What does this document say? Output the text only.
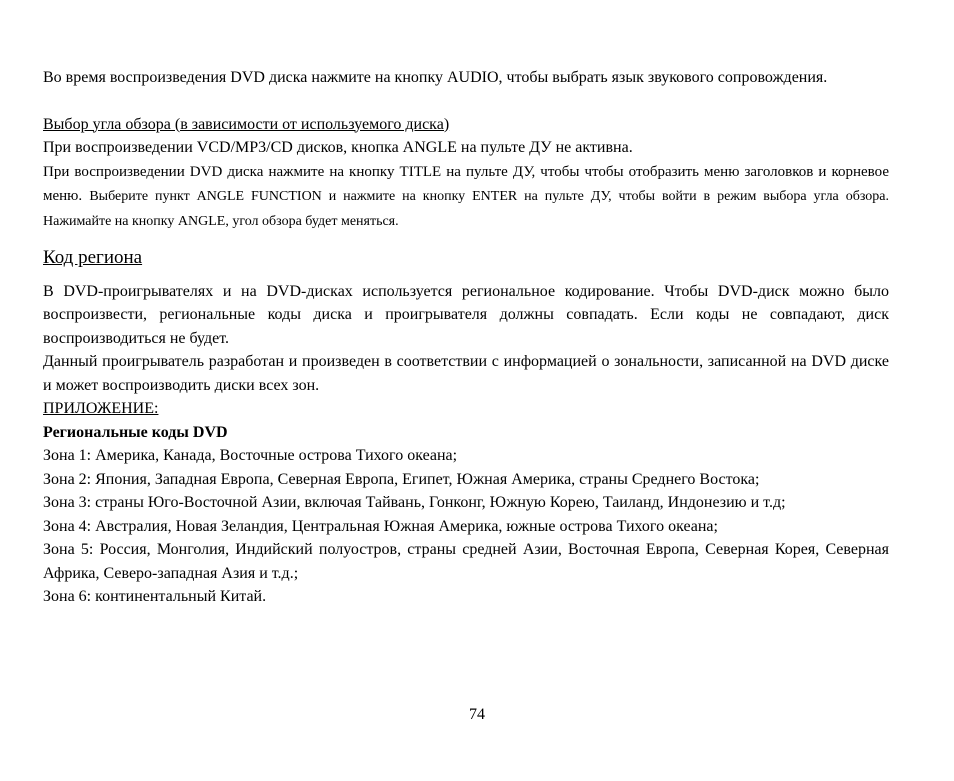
Во время воспроизведения DVD диска нажмите на кнопку AUDIO, чтобы выбрать язык звукового сопровождения.

Выбор угла обзора (в зависимости от используемого диска)

При воспроизведении VCD/MP3/CD дисков, кнопка ANGLE на пульте ДУ не активна.

При воспроизведении DVD диска нажмите на кнопку TITLE на пульте ДУ, чтобы чтобы отобразить меню заголовков и корневое меню. Выберите пункт ANGLE FUNCTION и нажмите на кнопку ENTER на пульте ДУ, чтобы войти в режим выбора угла обзора. Нажимайте на кнопку ANGLE, угол обзора будет меняться.

Код региона

В DVD-проигрывателях и на DVD-дисках используется региональное кодирование. Чтобы DVD-диск можно было воспроизвести, региональные коды диска и проигрывателя должны совпадать. Если коды не совпадают, диск воспроизводиться не будет.

Данный проигрыватель разработан и произведен в соответствии с информацией о зональности, записанной на DVD диске и может воспроизводить диски всех зон.

ПРИЛОЖЕНИЕ:

Региональные коды DVD

Зона 1: Америка, Канада, Восточные острова Тихого океана;

Зона 2: Япония, Западная Европа, Северная Европа, Египет, Южная Америка, страны Среднего Востока;

Зона 3: страны Юго-Восточной Азии, включая Тайвань, Гонконг, Южную Корею, Таиланд, Индонезию и т.д;

Зона 4: Австралия, Новая Зеландия, Центральная Южная Америка, южные острова Тихого океана;

Зона 5: Россия, Монголия, Индийский полуостров, страны средней Азии, Восточная Европа, Северная Корея, Северная Африка, Северо-западная Азия и т.д.;

Зона 6: континентальный Китай.

74
